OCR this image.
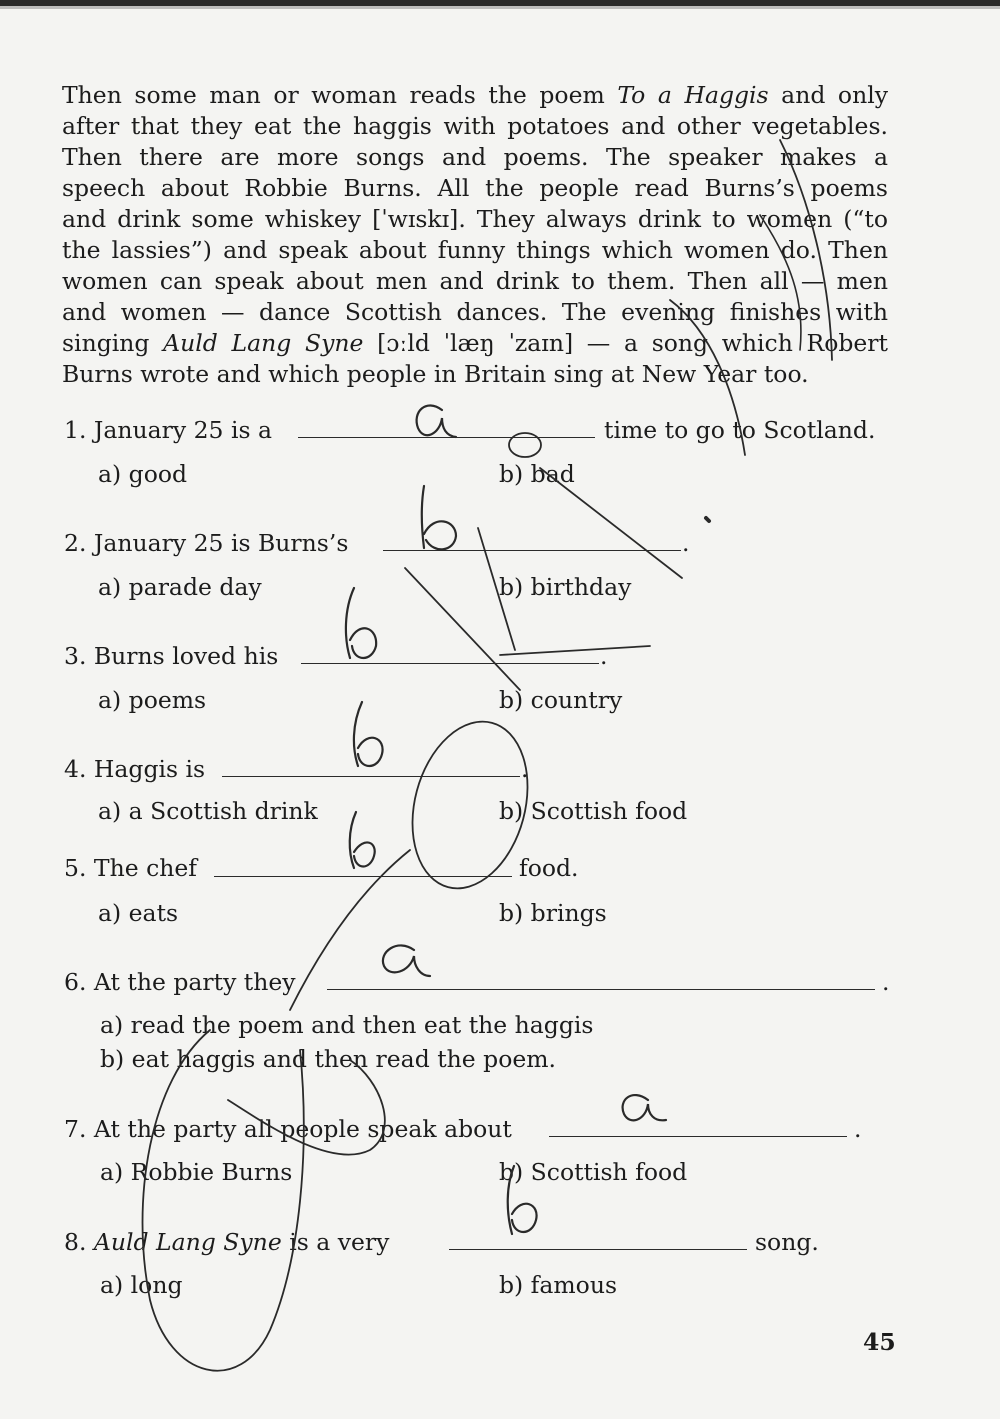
Then some man or woman reads the poem To a Haggis and only
after that they eat the haggis with potatoes and other vegetables.
Then there are more songs and poems. The speaker makes a
speech about Robbie Burns. All the people read Burns’s poems
and drink some whiskey [ˈwɪskɪ]. They always drink to women (“to
the lassies”) and speak about funny things which women do. Then
women can speak about men and drink to them. Then all — men
and women — dance Scottish dances. The evening finishes with
singing Auld Lang Syne [ɔːld ˈlæŋ ˈzaɪn] — a song which Robert
Burns wrote and which people in Britain sing at New Year too.
1. January 25 is a	time to go to Scotland.
a) good	b) bad
2. January 25 is Burns’s	.
a) parade day	b) birthday
3. Burns loved his	.
a) poems	b) country
4. Haggis is	.
a) a Scottish drink	b) Scottish food
5. The chef	food.
a) eats	b) brings
6. At the party they	.
a) read the poem and then eat the haggis
b) eat haggis and then read the poem.
7. At the party all people speak about	.
a) Robbie Burns	b) Scottish food
8. Auld Lang Syne is a very	song.
a) long	b) famous
45
